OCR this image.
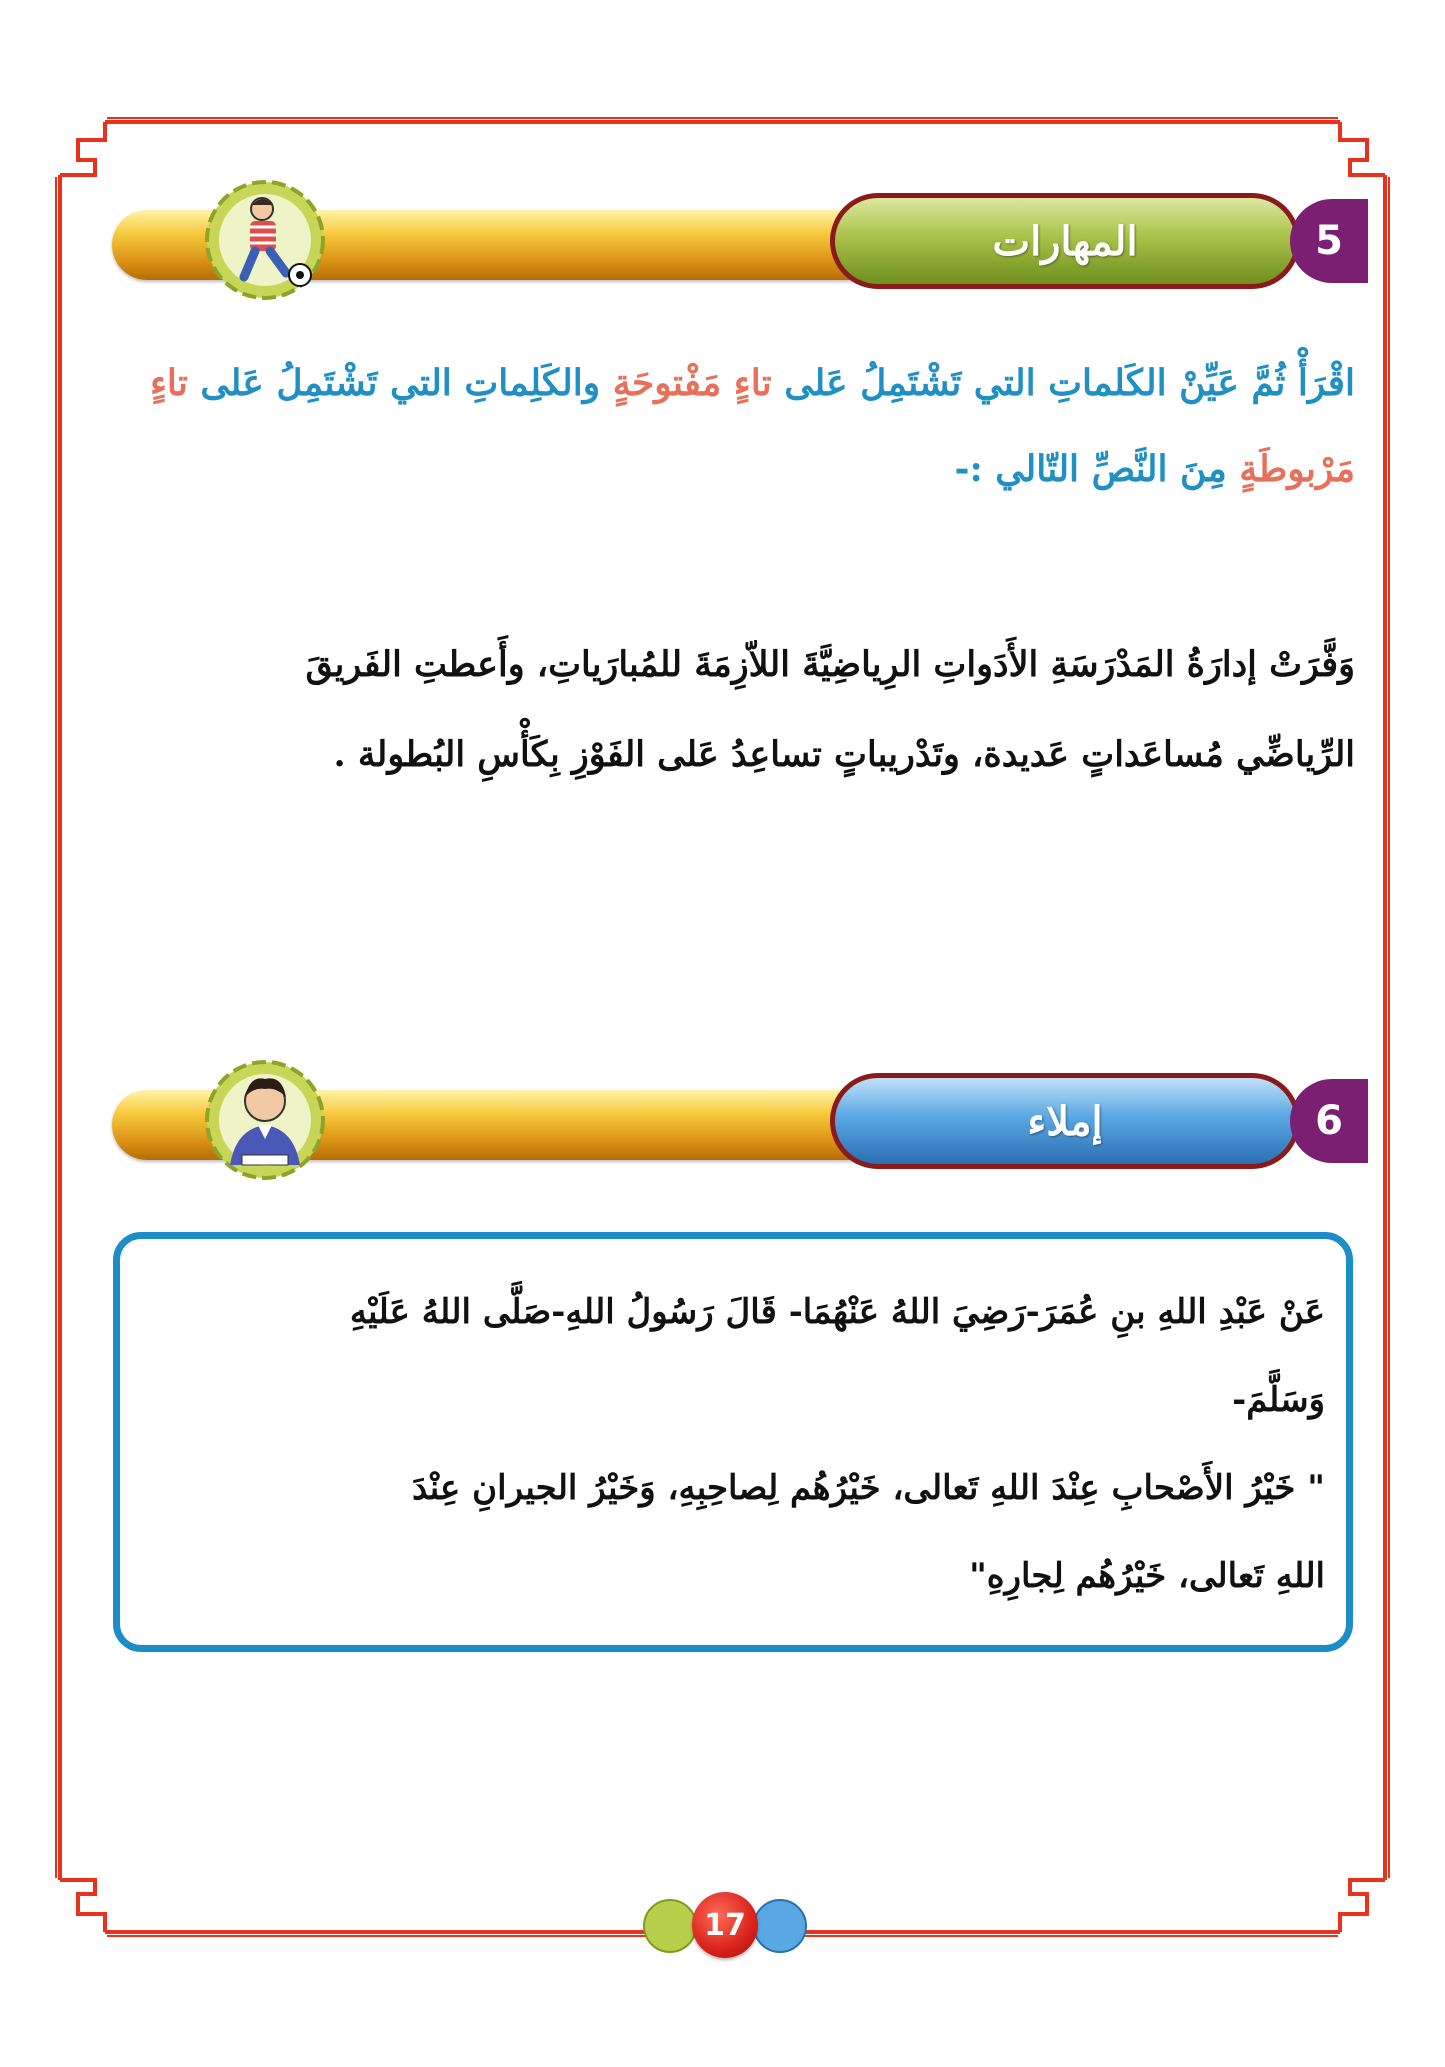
المهارات	5
اقْرَأْ ثُمَّ عَيِّنْ الكَلماتِ التي تَشْتَمِلُ عَلى تاءٍ مَفْتوحَةٍ والكَلِماتِ التي تَشْتَمِلُ عَلى تاءٍ مَرْبوطَةٍ مِنَ النَّصِّ التّالي :-
وَفَّرَتْ إدارَةُ المَدْرَسَةِ الأَدَواتِ الرِياضِيَّةَ اللاّزِمَةَ للمُبارَياتِ، وأَعطتِ الفَريقَ
الرِّياضِّي مُساعَداتٍ عَديدة، وتَدْريباتٍ تساعِدُ عَلى الفَوْزِ بِكَأْسِ البُطولة .
إملاء	6
عَنْ عَبْدِ اللهِ بنِ عُمَرَ-رَضِيَ اللهُ عَنْهُمَا- قَالَ رَسُولُ اللهِ-صَلَّى اللهُ عَلَيْهِ
وَسَلَّمَ-
" خَيْرُ الأَصْحابِ عِنْدَ اللهِ تَعالى، خَيْرُهُم لِصاحِبِهِ، وَخَيْرُ الجيرانِ عِنْدَ
اللهِ تَعالى، خَيْرُهُم لِجارِهِ"
17
